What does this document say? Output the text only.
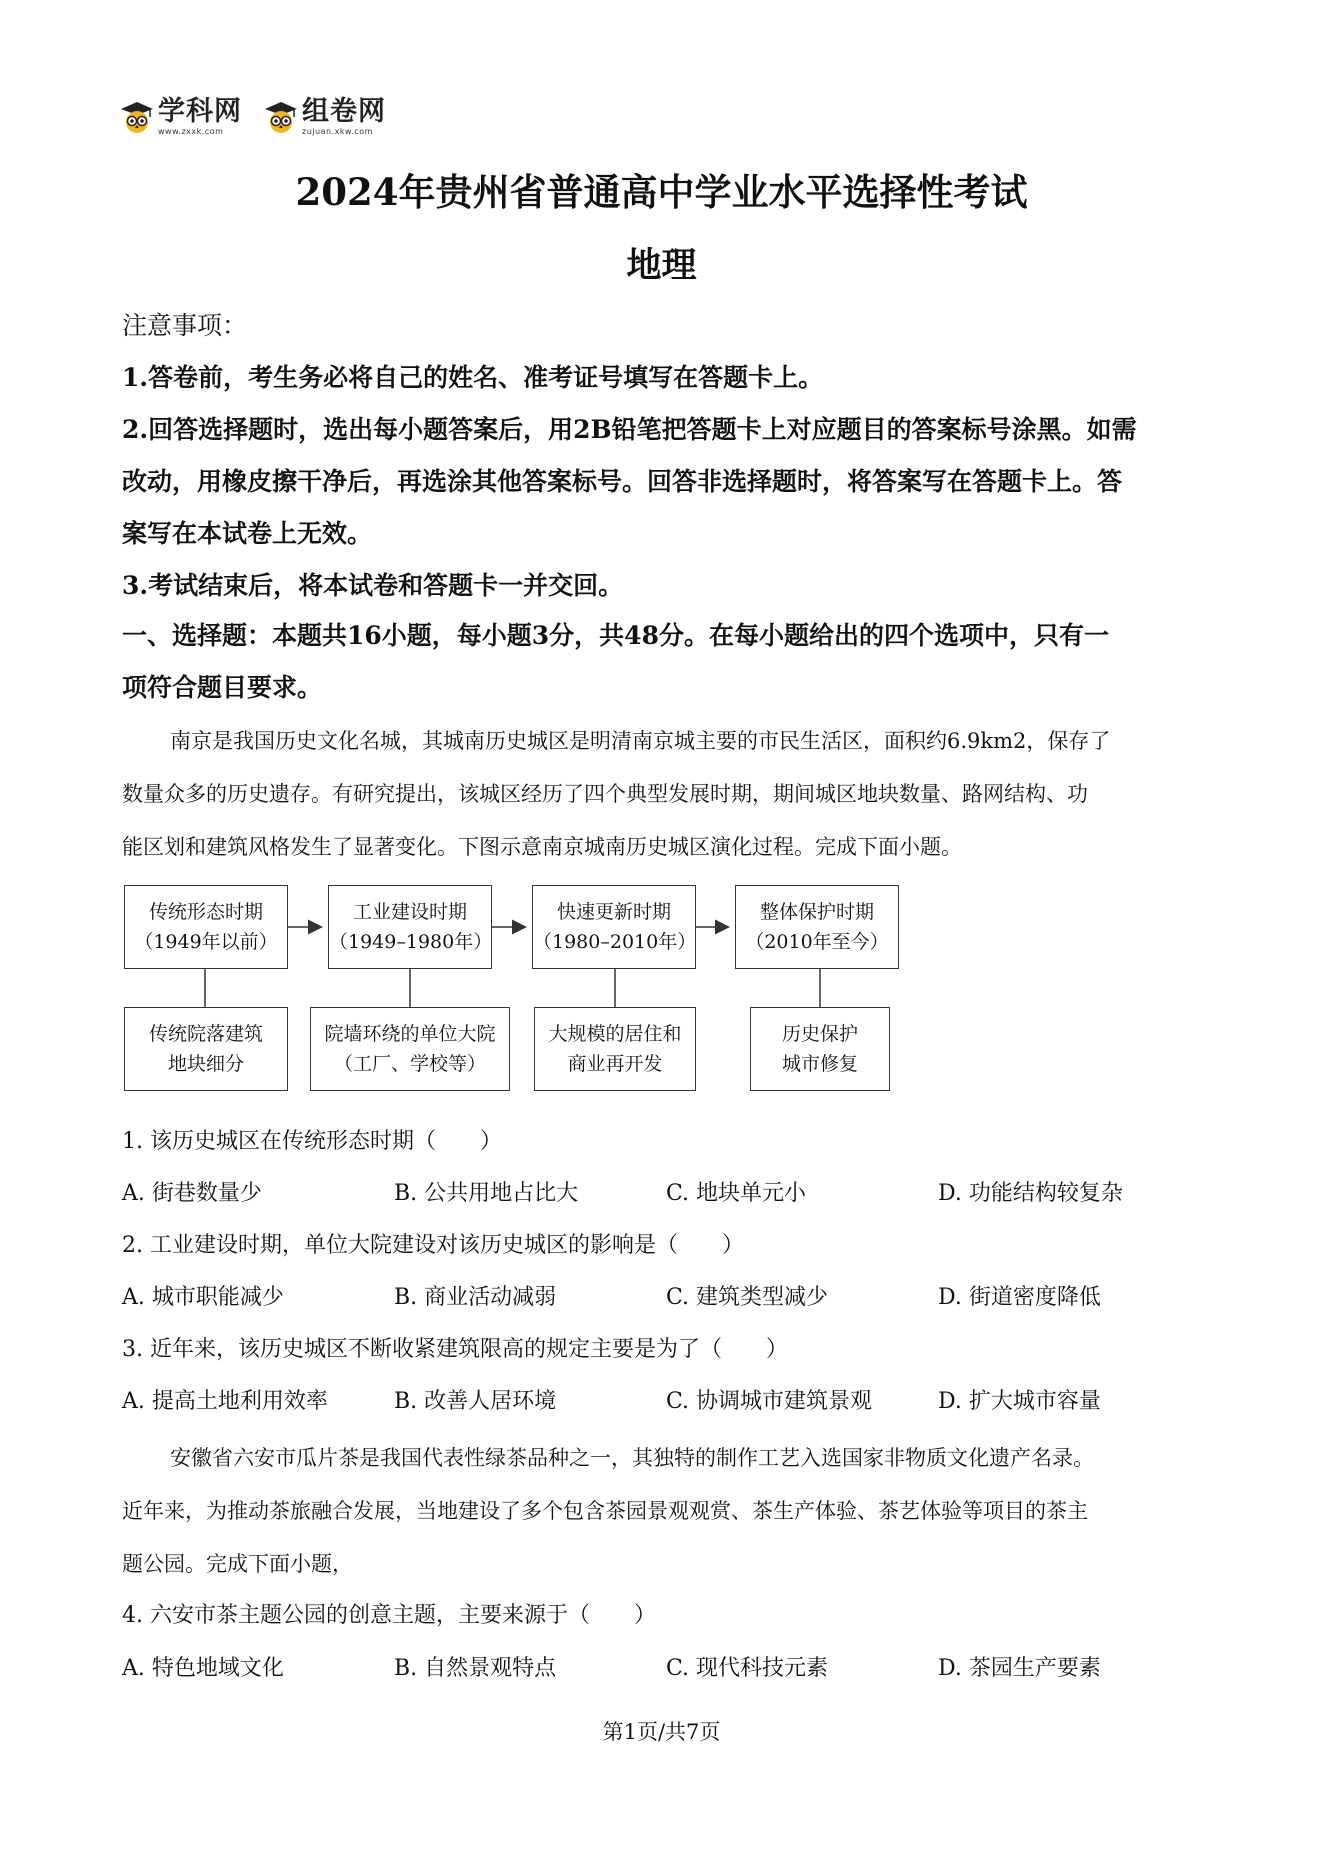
学科网
www.zxxk.com
组卷网
zujuan.xkw.com
2024年贵州省普通高中学业水平选择性考试
地理
注意事项：
1.答卷前，考生务必将自己的姓名、准考证号填写在答题卡上。
2.回答选择题时，选出每小题答案后，用2B铅笔把答题卡上对应题目的答案标号涂黑。如需
改动，用橡皮擦干净后，再选涂其他答案标号。回答非选择题时，将答案写在答题卡上。答
案写在本试卷上无效。
3.考试结束后，将本试卷和答题卡一并交回。
一、选择题：本题共16小题，每小题3分，共48分。在每小题给出的四个选项中，只有一
项符合题目要求。
南京是我国历史文化名城，其城南历史城区是明清南京城主要的市民生活区，面积约6.9km2，保存了
数量众多的历史遗存。有研究提出，该城区经历了四个典型发展时期，期间城区地块数量、路网结构、功
能区划和建筑风格发生了显著变化。下图示意南京城南历史城区演化过程。完成下面小题。
传统形态时期
（1949年以前）
工业建设时期
（1949–1980年）
快速更新时期
（1980–2010年）
整体保护时期
（2010年至今）
传统院落建筑
地块细分
院墙环绕的单位大院
（工厂、学校等）
大规模的居住和
商业再开发
历史保护
城市修复
1. 该历史城区在传统形态时期（　　）
A. 街巷数量少	B. 公共用地占比大	C. 地块单元小	D. 功能结构较复杂
2. 工业建设时期，单位大院建设对该历史城区的影响是（　　）
A. 城市职能减少	B. 商业活动减弱	C. 建筑类型减少	D. 街道密度降低
3. 近年来，该历史城区不断收紧建筑限高的规定主要是为了（　　）
A. 提高土地利用效率	B. 改善人居环境	C. 协调城市建筑景观	D. 扩大城市容量
安徽省六安市瓜片茶是我国代表性绿茶品种之一，其独特的制作工艺入选国家非物质文化遗产名录。
近年来，为推动茶旅融合发展，当地建设了多个包含茶园景观观赏、茶生产体验、茶艺体验等项目的茶主
题公园。完成下面小题，
4. 六安市茶主题公园的创意主题，主要来源于（　　）
A. 特色地域文化	B. 自然景观特点	C. 现代科技元素	D. 茶园生产要素
第1页/共7页
